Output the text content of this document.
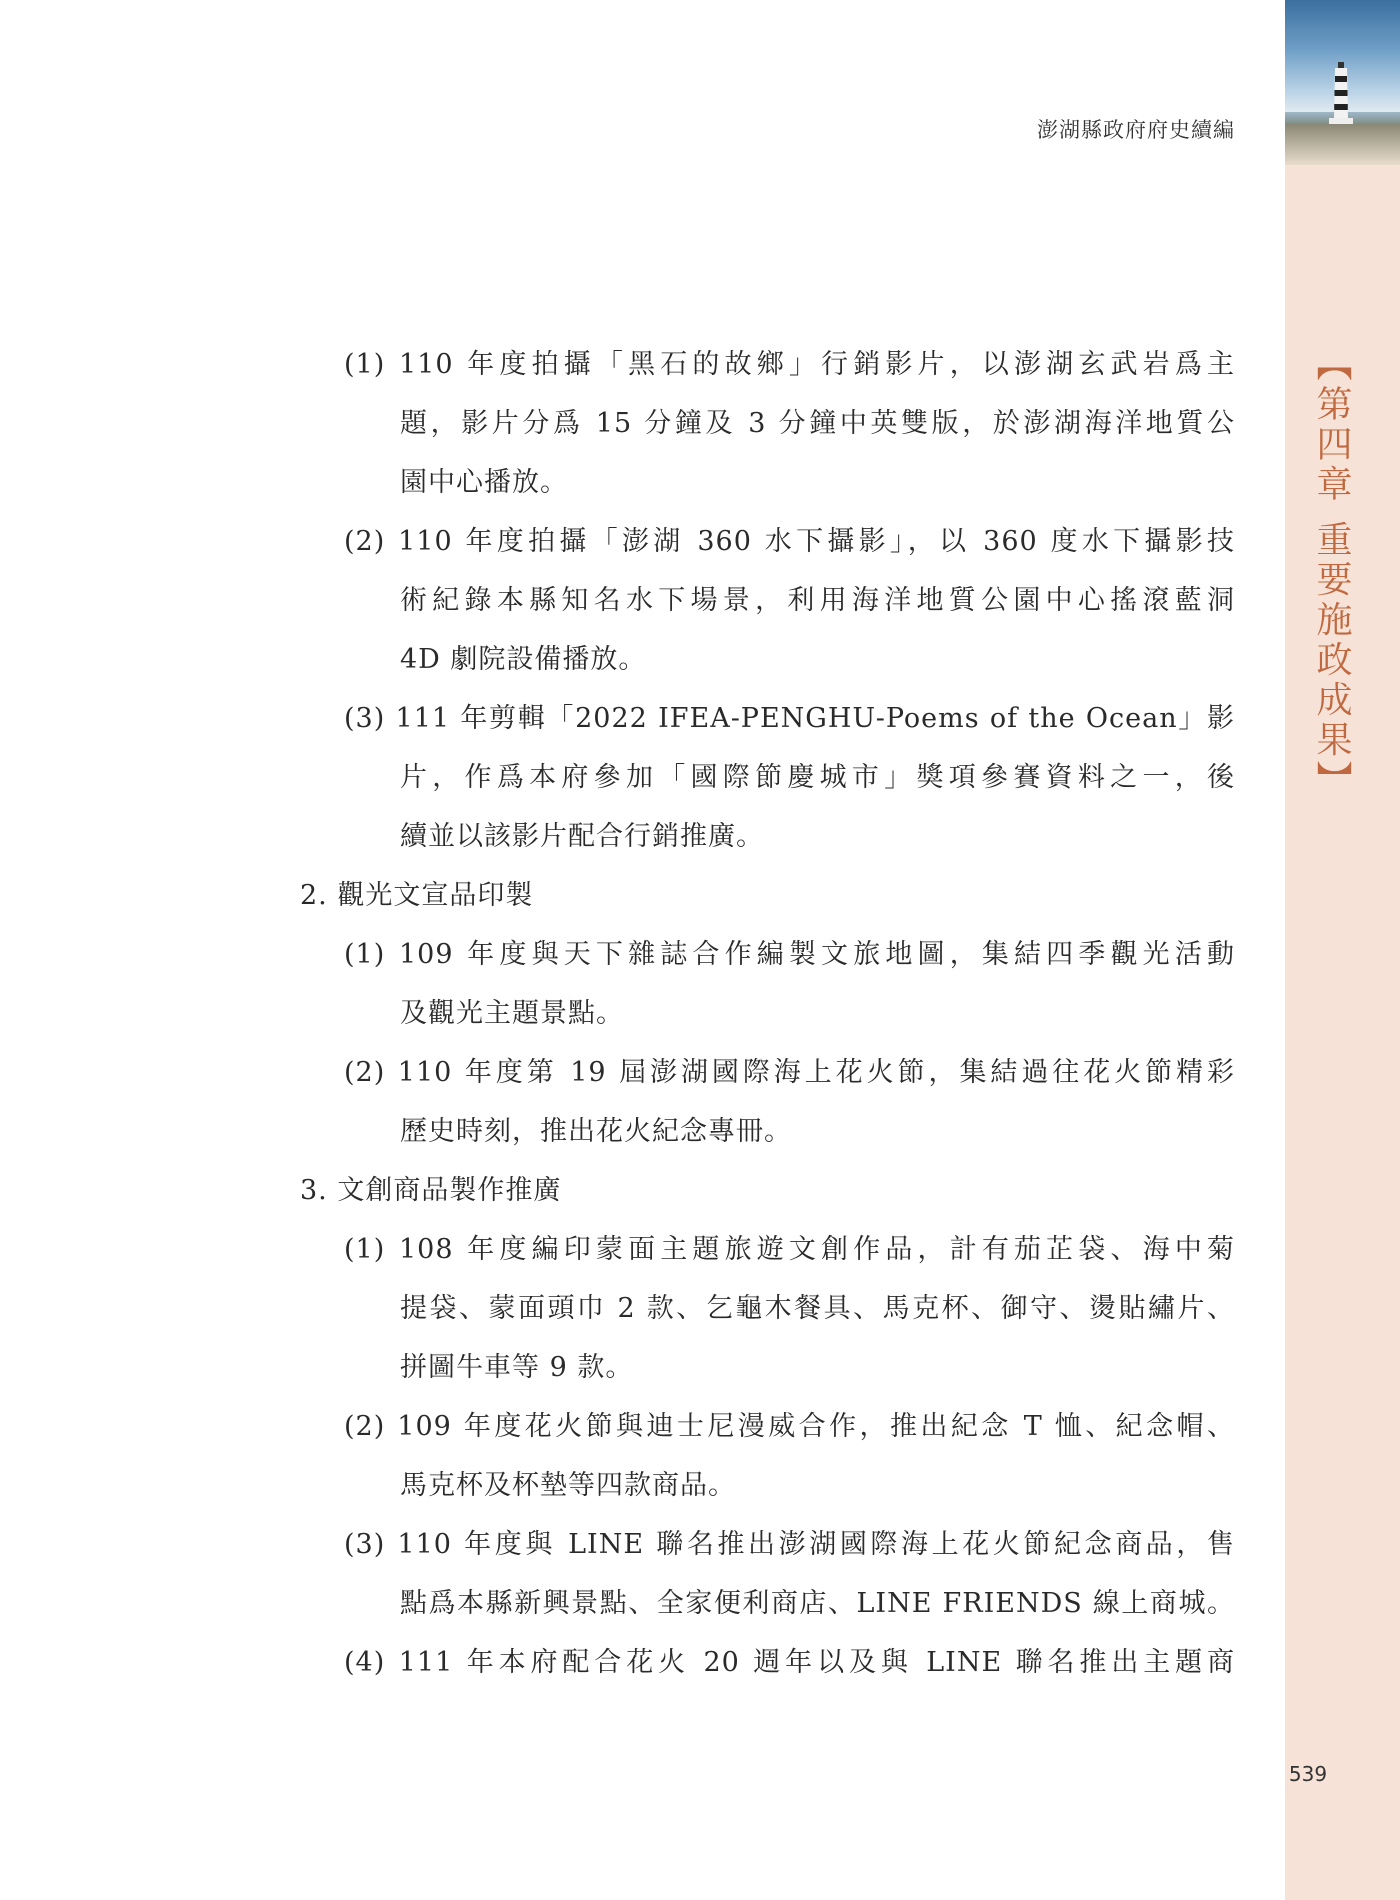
澎湖縣政府府史續編
【第四章 重要施政成果】
539
(1) 110 年度拍攝「黑石的故鄉」行銷影片，以澎湖玄武岩爲主
題，影片分爲 15 分鐘及 3 分鐘中英雙版，於澎湖海洋地質公
園中心播放。
(2) 110 年度拍攝「澎湖 360 水下攝影」，以 360 度水下攝影技
術紀錄本縣知名水下場景，利用海洋地質公園中心搖滾藍洞
4D 劇院設備播放。
(3) 111 年剪輯「2022 IFEA-PENGHU-Poems of the Ocean」影
片，作爲本府參加「國際節慶城市」獎項參賽資料之一，後
續並以該影片配合行銷推廣。
2. 觀光文宣品印製
(1) 109 年度與天下雜誌合作編製文旅地圖，集結四季觀光活動
及觀光主題景點。
(2) 110 年度第 19 屆澎湖國際海上花火節，集結過往花火節精彩
歷史時刻，推出花火紀念專冊。
3. 文創商品製作推廣
(1) 108 年度編印蒙面主題旅遊文創作品，計有茄芷袋、海中菊
提袋、蒙面頭巾 2 款、乞龜木餐具、馬克杯、御守、燙貼繡片、
拼圖牛車等 9 款。
(2) 109 年度花火節與迪士尼漫威合作，推出紀念 T 恤、紀念帽、
馬克杯及杯墊等四款商品。
(3) 110 年度與 LINE 聯名推出澎湖國際海上花火節紀念商品，售
點爲本縣新興景點、全家便利商店、LINE FRIENDS 線上商城。
(4) 111 年本府配合花火 20 週年以及與 LINE 聯名推出主題商
